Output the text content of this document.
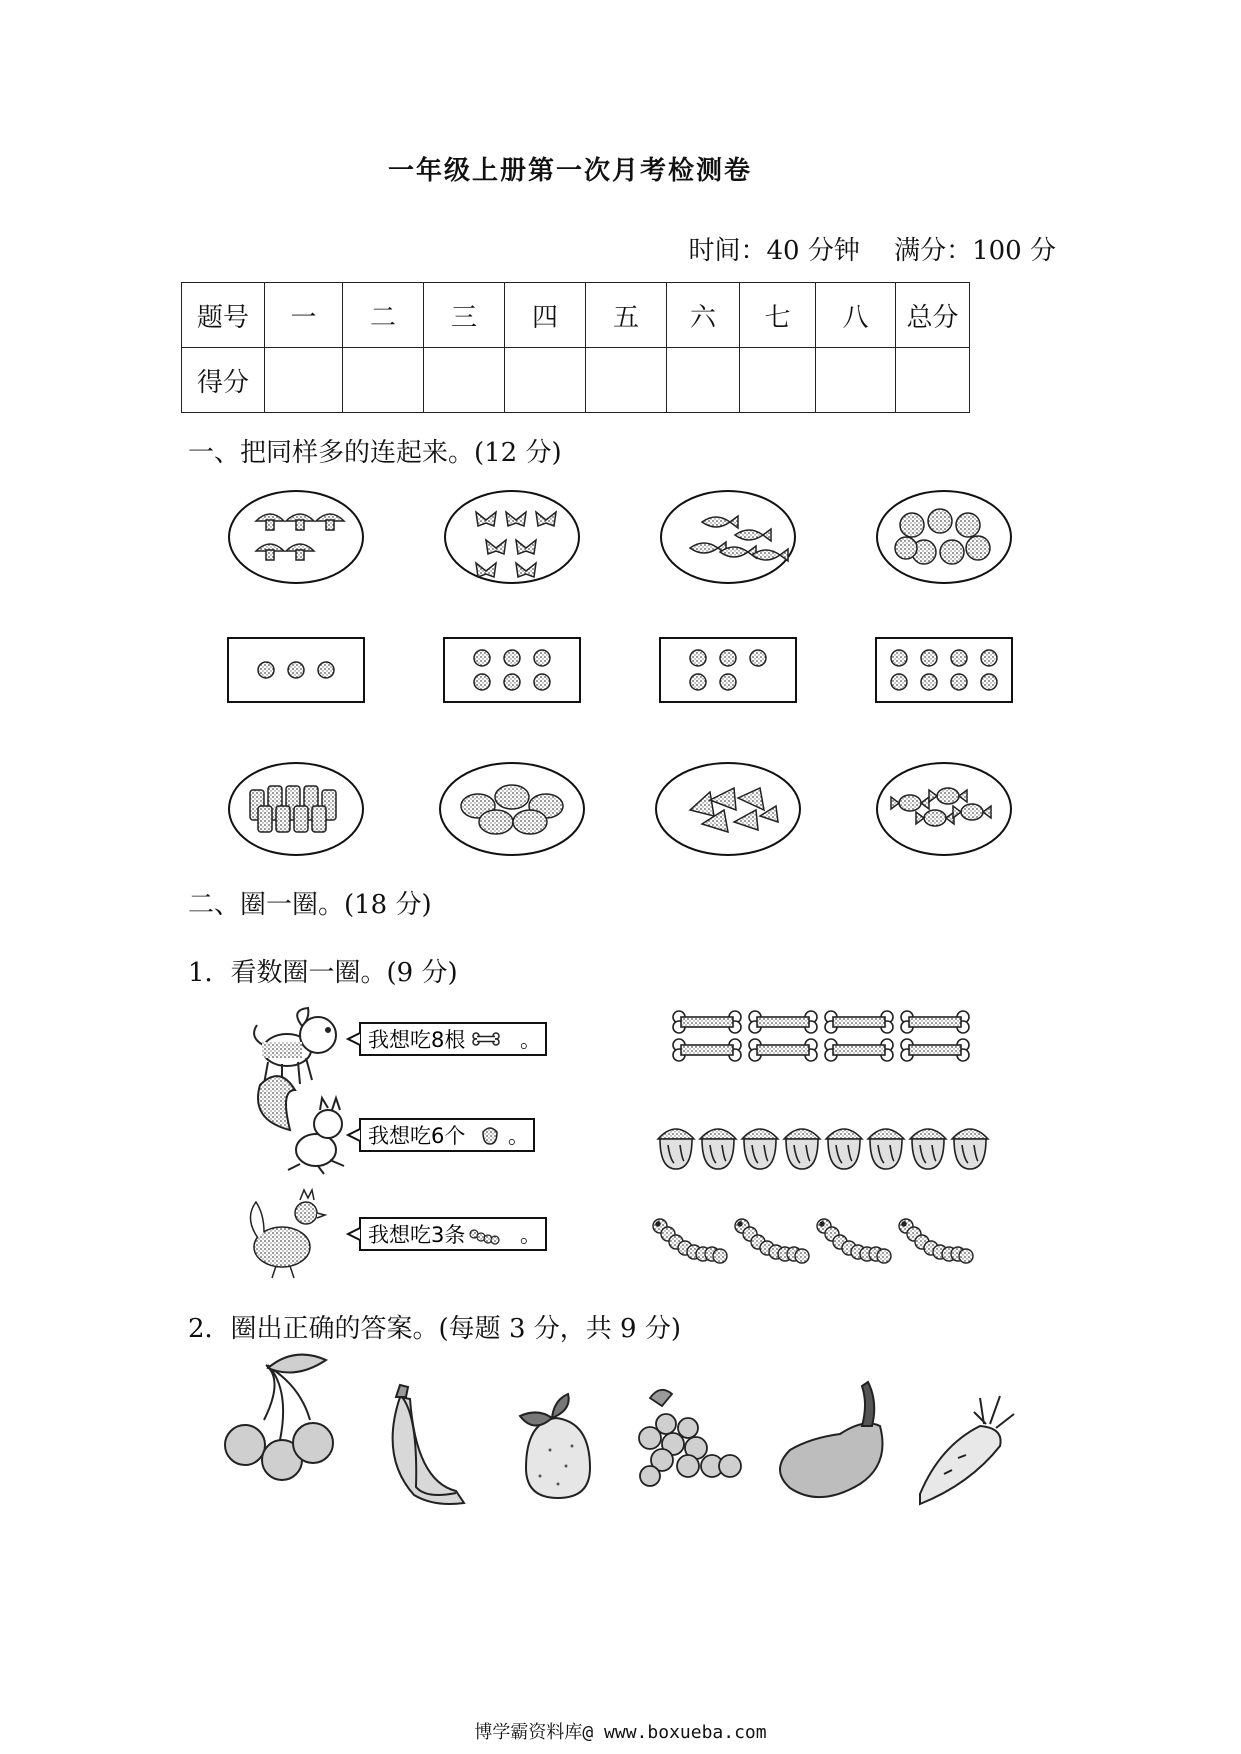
一年级上册第一次月考检测卷
时间：40 分钟 满分：100 分
题号	一	二	三	四	五	六	七	八	总分
得分									
一、把同样多的连起来。(12 分)
我想吃8根	。
我想吃6个 。
我想吃3条	。
二、圈一圈。(18 分)
1．看数圈一圈。(9 分)
2．圈出正确的答案。(每题 3 分，共 9 分)
博学霸资料库@ www.boxueba.com
